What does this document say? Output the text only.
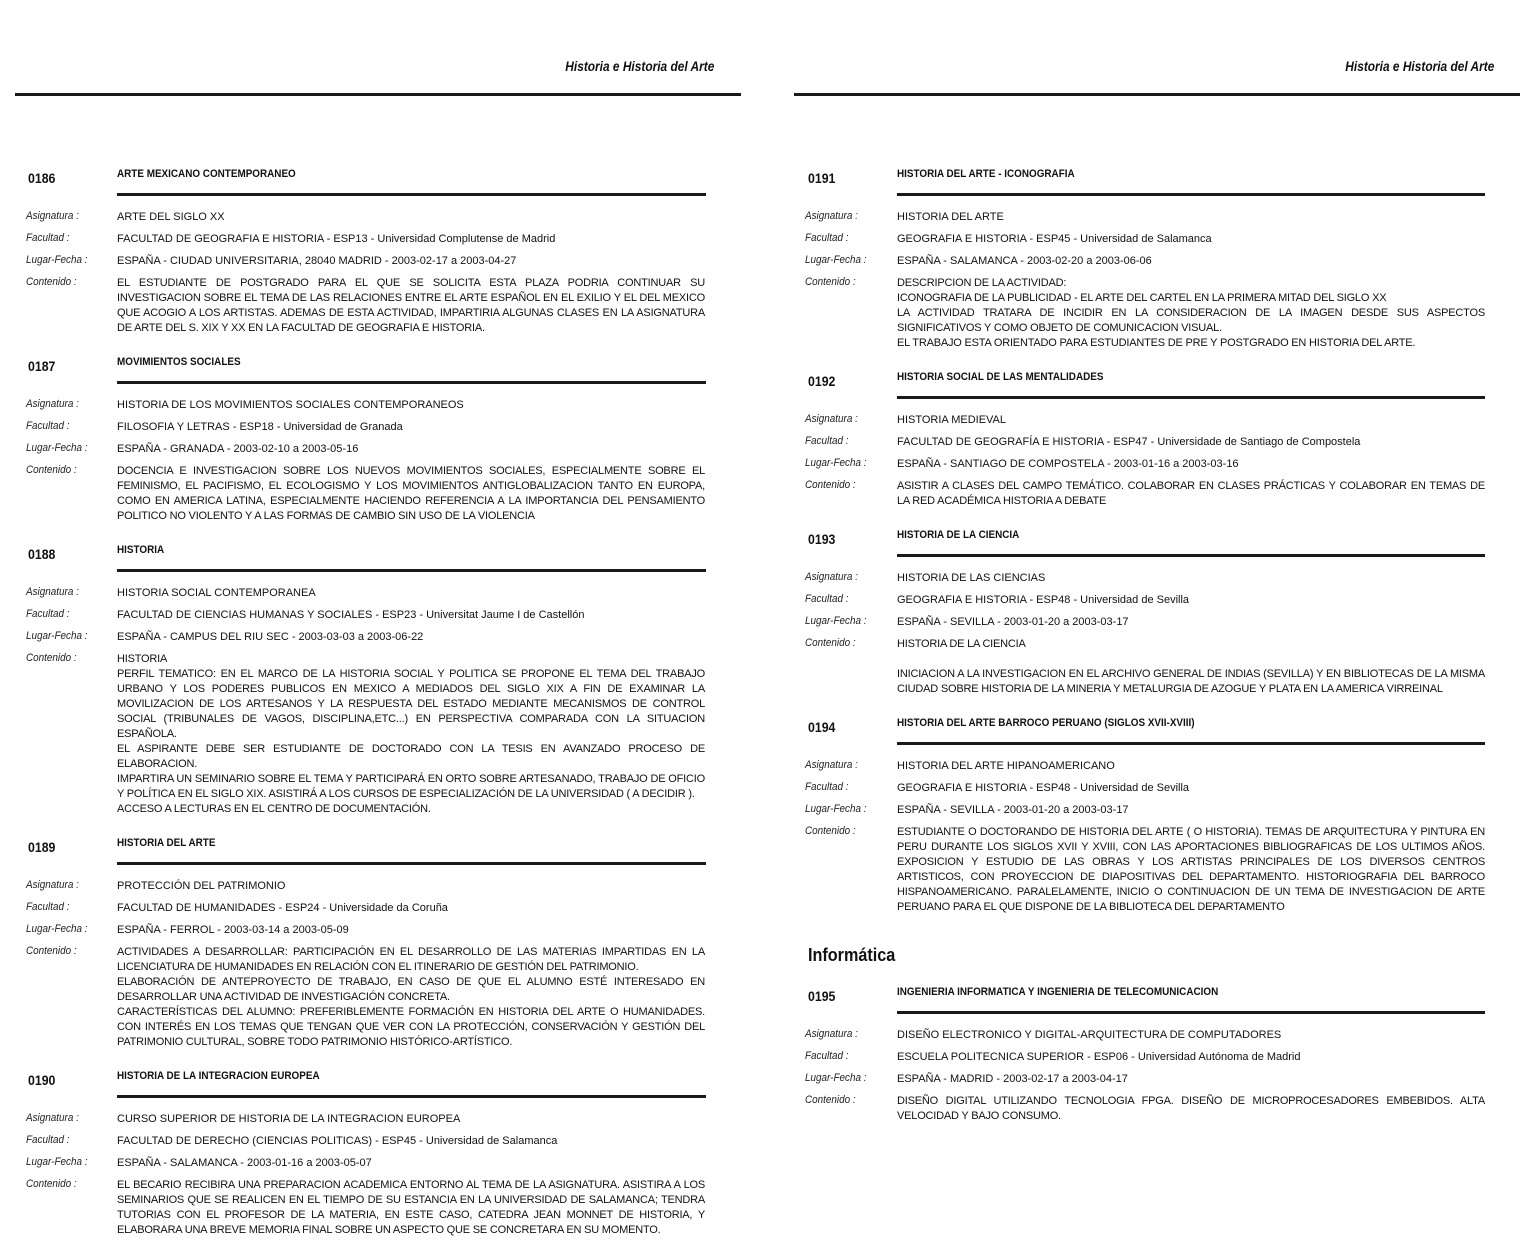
Historia e Historia del Arte
0186	ARTE MEXICANO CONTEMPORANEO
Asignatura :	ARTE DEL SIGLO XX
Facultad :	FACULTAD DE GEOGRAFIA E HISTORIA - ESP13 - Universidad Complutense de Madrid
Lugar-Fecha :	ESPAÑA - CIUDAD UNIVERSITARIA, 28040 MADRID - 2003-02-17 a 2003-04-27
Contenido :	EL ESTUDIANTE DE POSTGRADO PARA EL QUE SE SOLICITA ESTA PLAZA PODRIA CONTINUAR SU INVESTIGACION SOBRE EL TEMA DE LAS RELACIONES ENTRE EL ARTE ESPAÑOL EN EL EXILIO Y EL DEL MEXICO QUE ACOGIO A LOS ARTISTAS. ADEMAS DE ESTA ACTIVIDAD, IMPARTIRIA ALGUNAS CLASES EN LA ASIGNATURA DE ARTE DEL S. XIX Y XX EN LA FACULTAD DE GEOGRAFIA E HISTORIA.
0187	MOVIMIENTOS SOCIALES
Asignatura :	HISTORIA DE LOS MOVIMIENTOS SOCIALES CONTEMPORANEOS
Facultad :	FILOSOFIA Y LETRAS - ESP18 - Universidad de Granada
Lugar-Fecha :	ESPAÑA - GRANADA - 2003-02-10 a 2003-05-16
Contenido :	DOCENCIA E INVESTIGACION SOBRE LOS NUEVOS MOVIMIENTOS SOCIALES, ESPECIALMENTE SOBRE EL FEMINISMO, EL PACIFISMO, EL ECOLOGISMO Y LOS MOVIMIENTOS ANTIGLOBALIZACION TANTO EN EUROPA, COMO EN AMERICA LATINA, ESPECIALMENTE HACIENDO REFERENCIA A LA IMPORTANCIA DEL PENSAMIENTO POLITICO NO VIOLENTO Y A LAS FORMAS DE CAMBIO SIN USO DE LA VIOLENCIA
0188	HISTORIA
Asignatura :	HISTORIA SOCIAL CONTEMPORANEA
Facultad :	FACULTAD DE CIENCIAS HUMANAS Y SOCIALES - ESP23 - Universitat Jaume I de Castellón
Lugar-Fecha :	ESPAÑA - CAMPUS DEL RIU SEC - 2003-03-03 a 2003-06-22
Contenido :	HISTORIA
PERFIL TEMATICO: EN EL MARCO DE LA HISTORIA SOCIAL Y POLITICA SE PROPONE EL TEMA DEL TRABAJO URBANO Y LOS PODERES PUBLICOS EN MEXICO A MEDIADOS DEL SIGLO XIX A FIN DE EXAMINAR LA MOVILIZACION DE LOS ARTESANOS Y LA RESPUESTA DEL ESTADO MEDIANTE MECANISMOS DE CONTROL SOCIAL (TRIBUNALES DE VAGOS, DISCIPLINA,ETC...) EN PERSPECTIVA COMPARADA CON LA SITUACION ESPAÑOLA.
EL ASPIRANTE DEBE SER ESTUDIANTE DE DOCTORADO CON LA TESIS EN AVANZADO PROCESO DE ELABORACION.
IMPARTIRA UN SEMINARIO SOBRE EL TEMA Y PARTICIPARÁ EN ORTO SOBRE ARTESANADO, TRABAJO DE OFICIO Y POLÍTICA EN EL SIGLO XIX. ASISTIRÁ A LOS CURSOS DE ESPECIALIZACIÓN DE LA UNIVERSIDAD ( A DECIDIR ).
ACCESO A LECTURAS EN EL CENTRO DE DOCUMENTACIÓN.
0189	HISTORIA DEL ARTE
Asignatura :	PROTECCIÓN DEL PATRIMONIO
Facultad :	FACULTAD DE HUMANIDADES - ESP24 - Universidade da Coruña
Lugar-Fecha :	ESPAÑA - FERROL - 2003-03-14 a 2003-05-09
Contenido :	ACTIVIDADES A DESARROLLAR: PARTICIPACIÓN EN EL DESARROLLO DE LAS MATERIAS IMPARTIDAS EN LA LICENCIATURA DE HUMANIDADES EN RELACIÓN CON EL ITINERARIO DE GESTIÓN DEL PATRIMONIO.
ELABORACIÓN DE ANTEPROYECTO DE TRABAJO, EN CASO DE QUE EL ALUMNO ESTÉ INTERESADO EN DESARROLLAR UNA ACTIVIDAD DE INVESTIGACIÓN CONCRETA.
CARACTERÍSTICAS DEL ALUMNO: PREFERIBLEMENTE FORMACIÓN EN HISTORIA DEL ARTE O HUMANIDADES. CON INTERÉS EN LOS TEMAS QUE TENGAN QUE VER CON LA PROTECCIÓN, CONSERVACIÓN Y GESTIÓN DEL PATRIMONIO CULTURAL, SOBRE TODO PATRIMONIO HISTÓRICO-ARTÍSTICO.
0190	HISTORIA DE LA INTEGRACION EUROPEA
Asignatura :	CURSO SUPERIOR DE HISTORIA DE LA INTEGRACION EUROPEA
Facultad :	FACULTAD DE DERECHO (CIENCIAS POLITICAS) - ESP45 - Universidad de Salamanca
Lugar-Fecha :	ESPAÑA - SALAMANCA - 2003-01-16 a 2003-05-07
Contenido :	EL BECARIO RECIBIRA UNA PREPARACION ACADEMICA ENTORNO AL TEMA DE LA ASIGNATURA. ASISTIRA A LOS SEMINARIOS QUE SE REALICEN EN EL TIEMPO DE SU ESTANCIA EN LA UNIVERSIDAD DE SALAMANCA; TENDRA TUTORIAS CON EL PROFESOR DE LA MATERIA, EN ESTE CASO, CATEDRA JEAN MONNET DE HISTORIA, Y ELABORARA UNA BREVE MEMORIA FINAL SOBRE UN ASPECTO QUE SE CONCRETARA EN SU MOMENTO.
Historia e Historia del Arte
0191	HISTORIA DEL ARTE - ICONOGRAFIA
Asignatura :	HISTORIA DEL ARTE
Facultad :	GEOGRAFIA E HISTORIA - ESP45 - Universidad de Salamanca
Lugar-Fecha :	ESPAÑA - SALAMANCA - 2003-02-20 a 2003-06-06
Contenido :	DESCRIPCION DE LA ACTIVIDAD:
ICONOGRAFIA DE LA PUBLICIDAD - EL ARTE DEL CARTEL EN LA PRIMERA MITAD DEL SIGLO XX
LA ACTIVIDAD TRATARA DE INCIDIR EN LA CONSIDERACION DE LA IMAGEN DESDE SUS ASPECTOS SIGNIFICATIVOS Y COMO OBJETO DE COMUNICACION VISUAL.
EL TRABAJO ESTA ORIENTADO PARA ESTUDIANTES DE PRE Y POSTGRADO EN HISTORIA DEL ARTE.
0192	HISTORIA SOCIAL DE LAS MENTALIDADES
Asignatura :	HISTORIA MEDIEVAL
Facultad :	FACULTAD DE GEOGRAFÍA E HISTORIA - ESP47 - Universidade de Santiago de Compostela
Lugar-Fecha :	ESPAÑA - SANTIAGO DE COMPOSTELA - 2003-01-16 a 2003-03-16
Contenido :	ASISTIR A CLASES DEL CAMPO TEMÁTICO. COLABORAR EN CLASES PRÁCTICAS Y COLABORAR EN TEMAS DE LA RED ACADÉMICA HISTORIA A DEBATE
0193	HISTORIA DE LA CIENCIA
Asignatura :	HISTORIA DE LAS CIENCIAS
Facultad :	GEOGRAFIA E HISTORIA - ESP48 - Universidad de Sevilla
Lugar-Fecha :	ESPAÑA - SEVILLA - 2003-01-20 a 2003-03-17
Contenido :	HISTORIA DE LA CIENCIA

INICIACION A LA INVESTIGACION EN EL ARCHIVO GENERAL DE INDIAS (SEVILLA) Y EN BIBLIOTECAS DE LA MISMA CIUDAD SOBRE HISTORIA DE LA MINERIA Y METALURGIA DE AZOGUE Y PLATA EN LA AMERICA VIRREINAL
0194	HISTORIA DEL ARTE BARROCO PERUANO (SIGLOS XVII-XVIII)
Asignatura :	HISTORIA DEL ARTE HIPANOAMERICANO
Facultad :	GEOGRAFIA E HISTORIA - ESP48 - Universidad de Sevilla
Lugar-Fecha :	ESPAÑA - SEVILLA - 2003-01-20 a 2003-03-17
Contenido :	ESTUDIANTE O DOCTORANDO DE HISTORIA DEL ARTE ( O HISTORIA). TEMAS DE ARQUITECTURA Y PINTURA EN PERU DURANTE LOS SIGLOS XVII Y XVIII, CON LAS APORTACIONES BIBLIOGRAFICAS DE LOS ULTIMOS AÑOS. EXPOSICION Y ESTUDIO DE LAS OBRAS Y LOS ARTISTAS PRINCIPALES DE LOS DIVERSOS CENTROS ARTISTICOS, CON PROYECCION DE DIAPOSITIVAS DEL DEPARTAMENTO. HISTORIOGRAFIA DEL BARROCO HISPANOAMERICANO. PARALELAMENTE, INICIO O CONTINUACION DE UN TEMA DE INVESTIGACION DE ARTE PERUANO PARA EL QUE DISPONE DE LA BIBLIOTECA DEL DEPARTAMENTO
Informática
0195	INGENIERIA INFORMATICA Y INGENIERIA DE TELECOMUNICACION
Asignatura :	DISEÑO ELECTRONICO Y DIGITAL-ARQUITECTURA DE COMPUTADORES
Facultad :	ESCUELA POLITECNICA SUPERIOR - ESP06 - Universidad Autónoma de Madrid
Lugar-Fecha :	ESPAÑA - MADRID - 2003-02-17 a 2003-04-17
Contenido :	DISEÑO DIGITAL UTILIZANDO TECNOLOGIA FPGA. DISEÑO DE MICROPROCESADORES EMBEBIDOS. ALTA VELOCIDAD Y BAJO CONSUMO.
